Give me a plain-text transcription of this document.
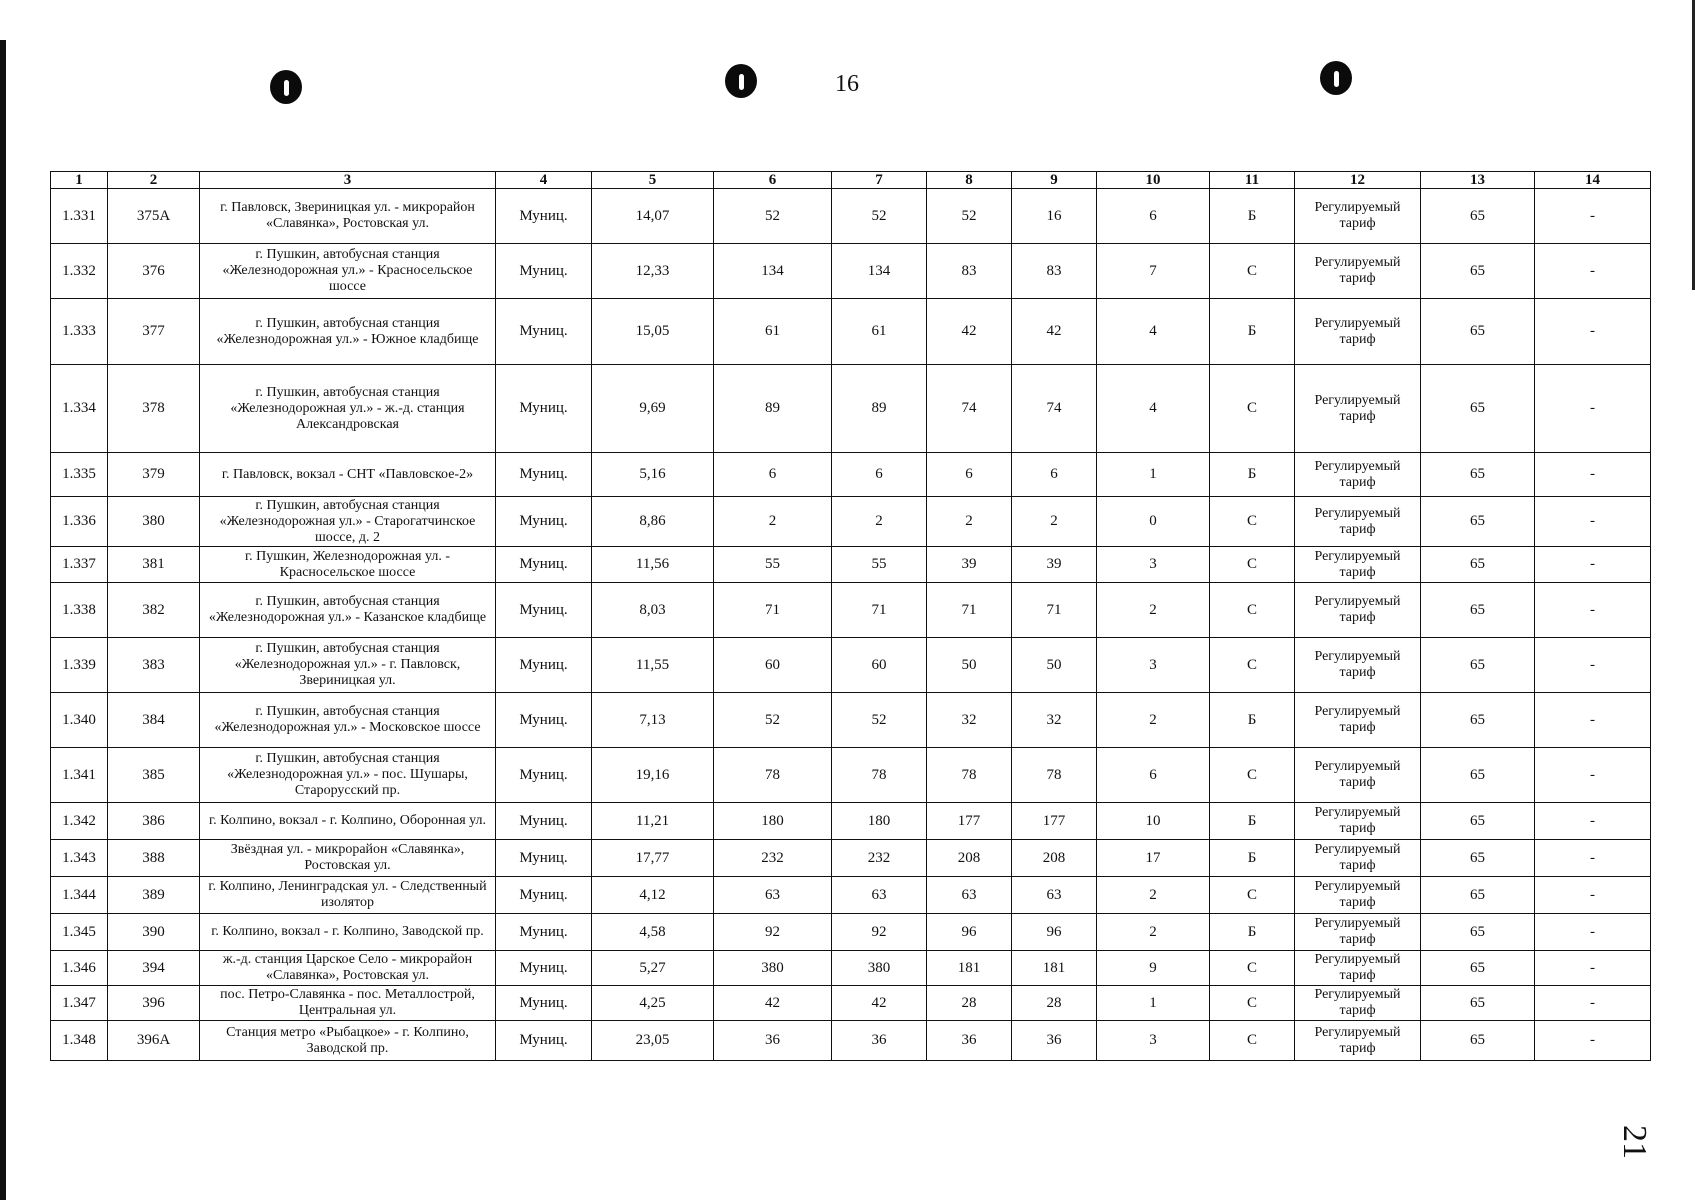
16
21
1	2	3	4	5	6	7	8	9	10	11	12	13	14
1.331	375А	г. Павловск, Звериницкая ул. - микрорайон «Славянка», Ростовская ул.	Муниц.	14,07	52	52	52	16	6	Б	Регулируемый тариф	65	-
1.332	376	г. Пушкин, автобусная станция «Железнодорожная ул.» - Красносельское шоссе	Муниц.	12,33	134	134	83	83	7	С	Регулируемый тариф	65	-
1.333	377	г. Пушкин, автобусная станция «Железнодорожная ул.» - Южное кладбище	Муниц.	15,05	61	61	42	42	4	Б	Регулируемый тариф	65	-
1.334	378	г. Пушкин, автобусная станция «Железнодорожная ул.» - ж.-д. станция Александровская	Муниц.	9,69	89	89	74	74	4	С	Регулируемый тариф	65	-
1.335	379	г. Павловск, вокзал - СНТ «Павловское-2»	Муниц.	5,16	6	6	6	6	1	Б	Регулируемый тариф	65	-
1.336	380	г. Пушкин, автобусная станция «Железнодорожная ул.» - Старогатчинское шоссе, д. 2	Муниц.	8,86	2	2	2	2	0	С	Регулируемый тариф	65	-
1.337	381	г. Пушкин, Железнодорожная ул. - Красносельское шоссе	Муниц.	11,56	55	55	39	39	3	С	Регулируемый тариф	65	-
1.338	382	г. Пушкин, автобусная станция «Железнодорожная ул.» - Казанское кладбище	Муниц.	8,03	71	71	71	71	2	С	Регулируемый тариф	65	-
1.339	383	г. Пушкин, автобусная станция «Железнодорожная ул.» - г. Павловск, Звериницкая ул.	Муниц.	11,55	60	60	50	50	3	С	Регулируемый тариф	65	-
1.340	384	г. Пушкин, автобусная станция «Железнодорожная ул.» - Московское шоссе	Муниц.	7,13	52	52	32	32	2	Б	Регулируемый тариф	65	-
1.341	385	г. Пушкин, автобусная станция «Железнодорожная ул.» - пос. Шушары, Старорусский пр.	Муниц.	19,16	78	78	78	78	6	С	Регулируемый тариф	65	-
1.342	386	г. Колпино, вокзал - г. Колпино, Оборонная ул.	Муниц.	11,21	180	180	177	177	10	Б	Регулируемый тариф	65	-
1.343	388	Звёздная ул. - микрорайон «Славянка», Ростовская ул.	Муниц.	17,77	232	232	208	208	17	Б	Регулируемый тариф	65	-
1.344	389	г. Колпино, Ленинградская ул. - Следственный изолятор	Муниц.	4,12	63	63	63	63	2	С	Регулируемый тариф	65	-
1.345	390	г. Колпино, вокзал - г. Колпино, Заводской пр.	Муниц.	4,58	92	92	96	96	2	Б	Регулируемый тариф	65	-
1.346	394	ж.-д. станция Царское Село - микрорайон «Славянка», Ростовская ул.	Муниц.	5,27	380	380	181	181	9	С	Регулируемый тариф	65	-
1.347	396	пос. Петро-Славянка - пос. Металлострой, Центральная ул.	Муниц.	4,25	42	42	28	28	1	С	Регулируемый тариф	65	-
1.348	396А	Станция метро «Рыбацкое» - г. Колпино, Заводской пр.	Муниц.	23,05	36	36	36	36	3	С	Регулируемый тариф	65	-
